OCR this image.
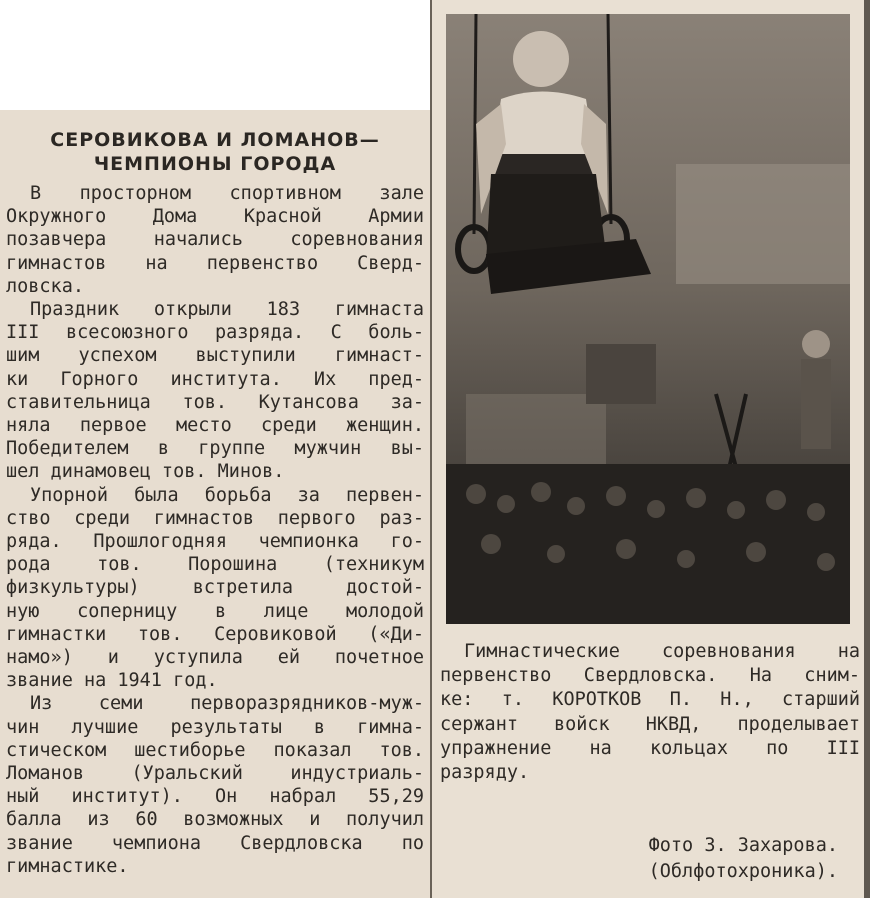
СЕРОВИКОВА И ЛОМАНОВ—
ЧЕМПИОНЫ ГОРОДА
В просторном спортивном зале
Окружного Дома Красной Армии
позавчера начались соревнования
гимнастов на первенство Сверд-
ловска.
Праздник открыли 183 гимнаста
III всесоюзного разряда. С боль-
шим успехом выступили гимнаст-
ки Горного института. Их пред-
ставительница тов. Кутансова за-
няла первое место среди женщин.
Победителем в группе мужчин вы-
шел динамовец тов. Минов.
Упорной была борьба за первен-
ство среди гимнастов первого раз-
ряда. Прошлогодняя чемпионка го-
рода тов. Порошина (техникум
физкультуры) встретила достой-
ную соперницу в лице молодой
гимнастки тов. Серовиковой («Ди-
намо») и уступила ей почетное
звание на 1941 год.
Из семи перворазрядников-муж-
чин лучшие результаты в гимна-
стическом шестиборье показал тов.
Ломанов (Уральский индустриаль-
ный институт). Он набрал 55,29
балла из 60 возможных и получил
звание чемпиона Свердловска по
гимнастике.
Гимнастические соревнования на
первенство Свердловска. На сним-
ке: т. КОРОТКОВ П. Н., старший
сержант войск НКВД, проделывает
упражнение на кольцах по III
разряду.
Фото З. Захарова.
(Облфотохроника).
